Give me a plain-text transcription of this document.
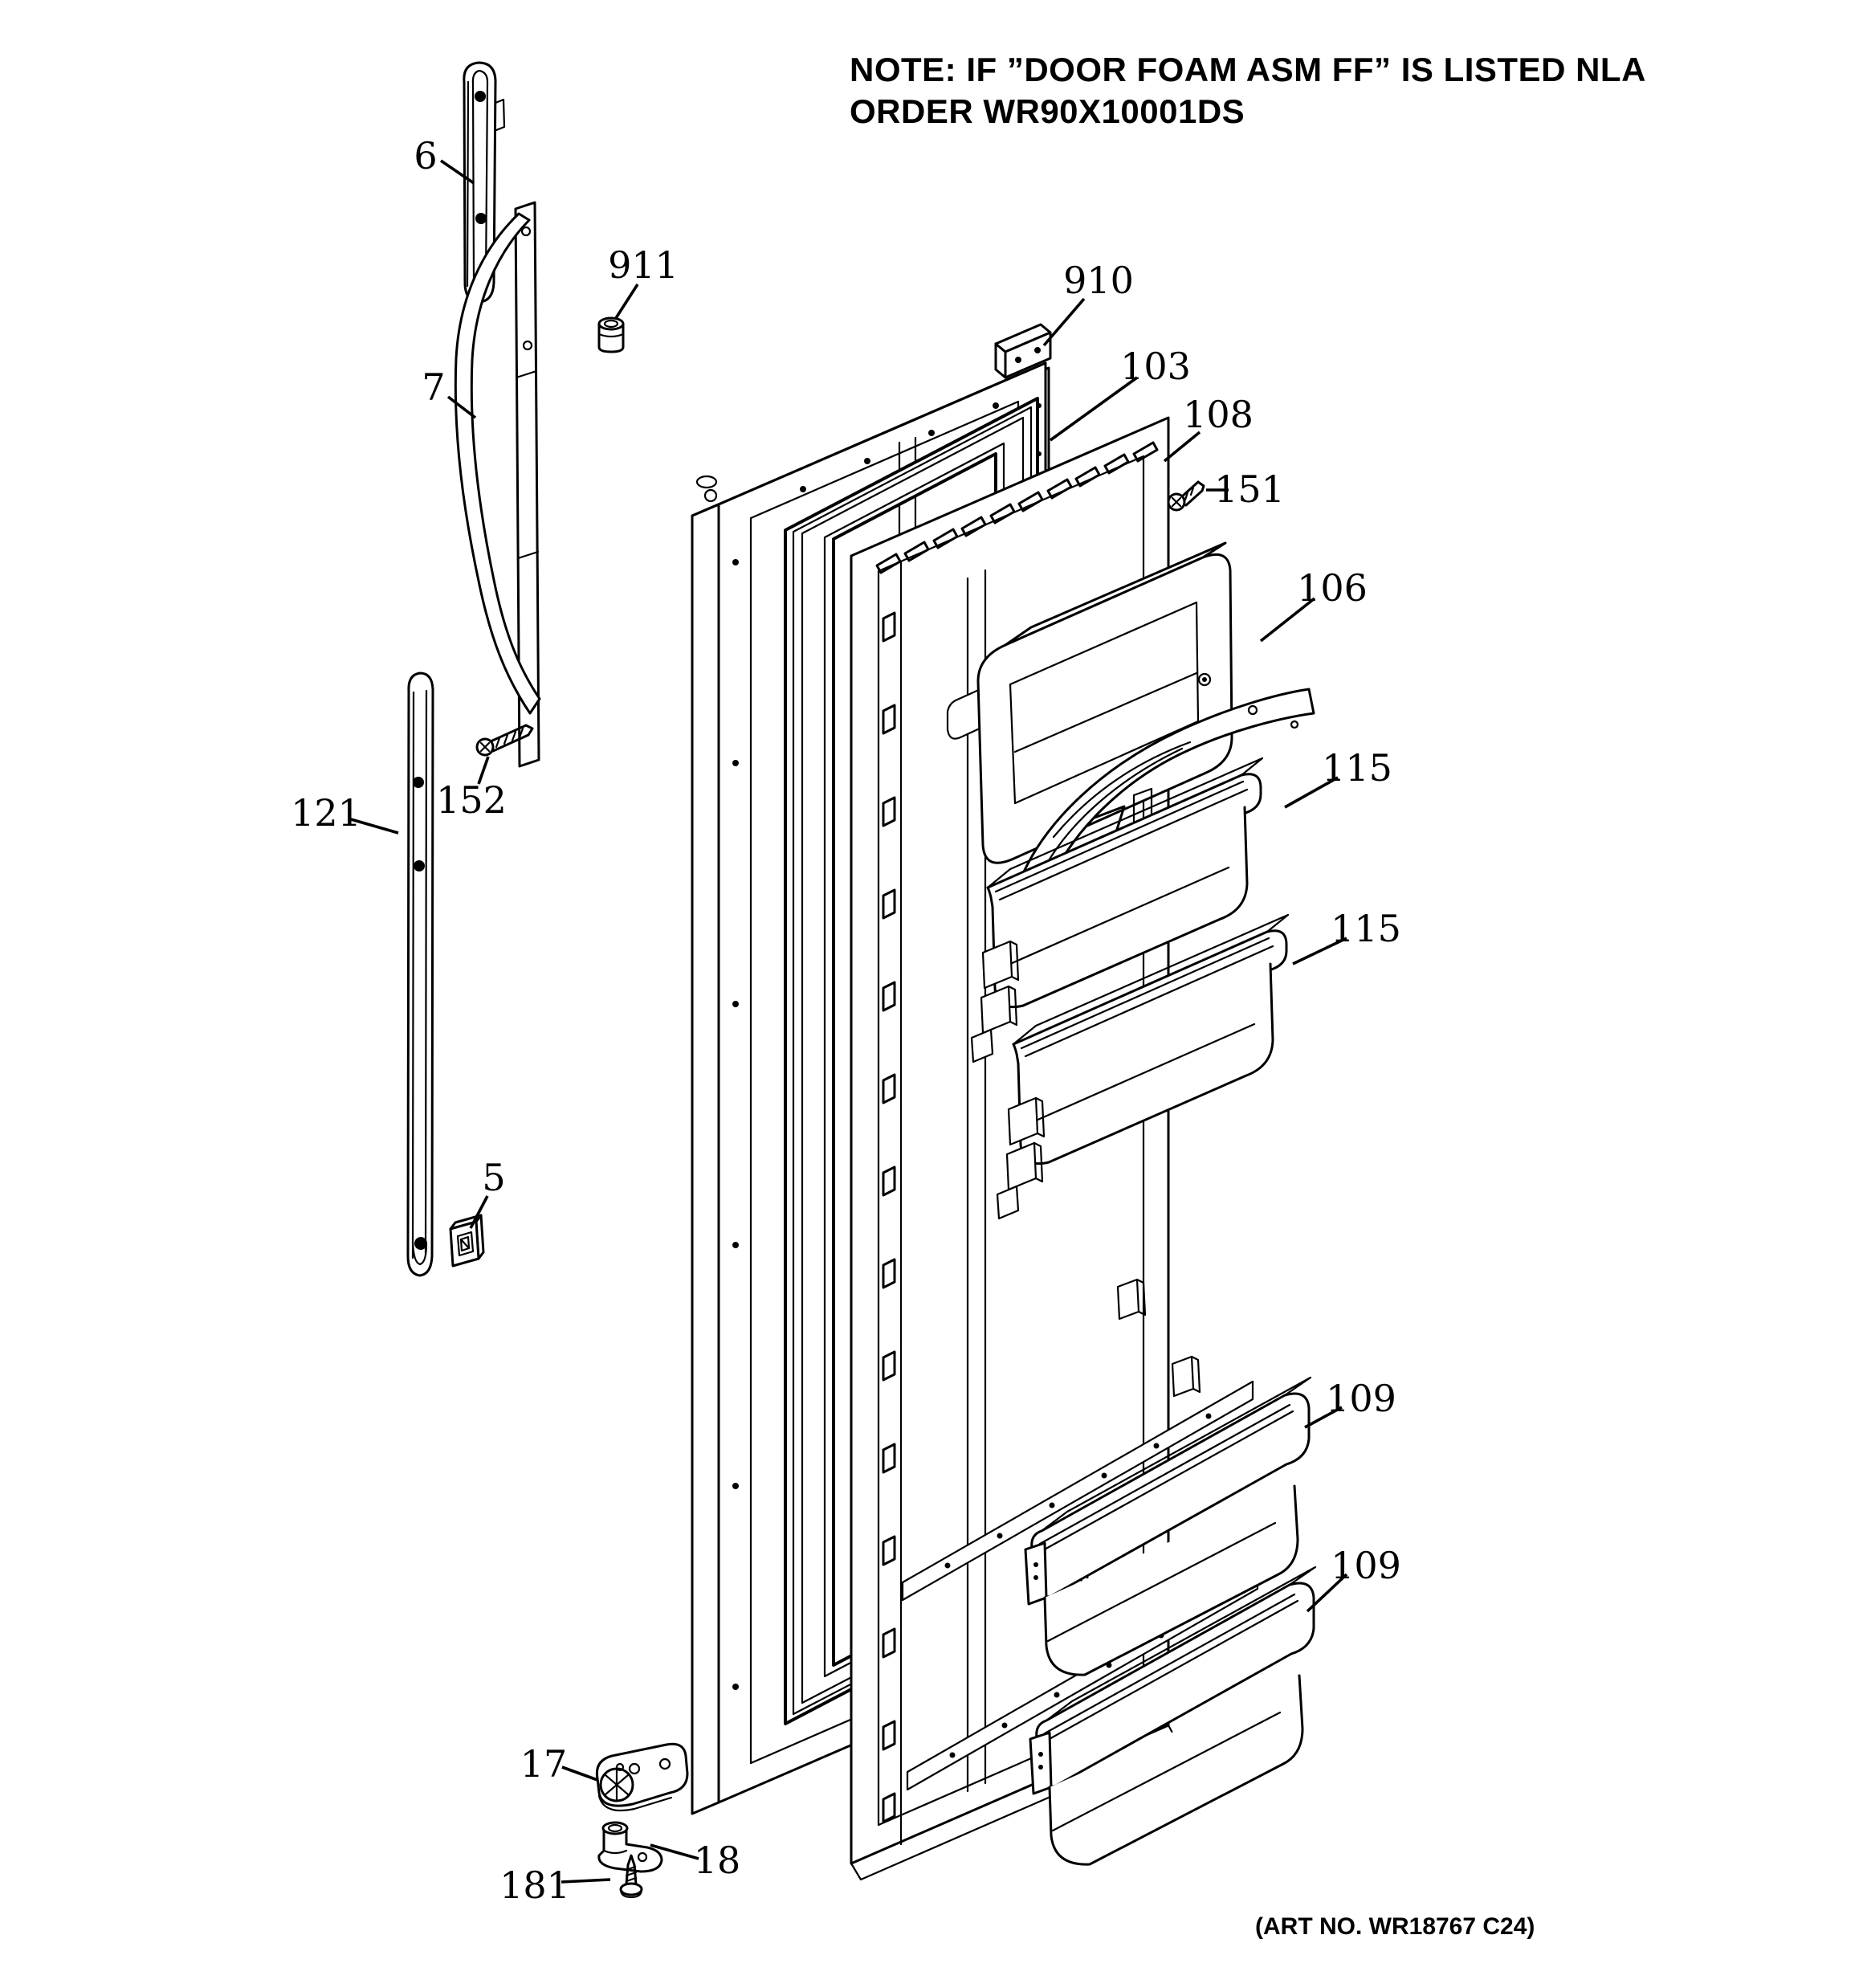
6
911
7
910
103
108
151
106
115
115
121 152
5
109
109
17
18
181
NOTE: IF ”DOOR FOAM ASM FF” IS LISTED NLA
ORDER WR90X10001DS
(ART NO. WR18767 C24)
